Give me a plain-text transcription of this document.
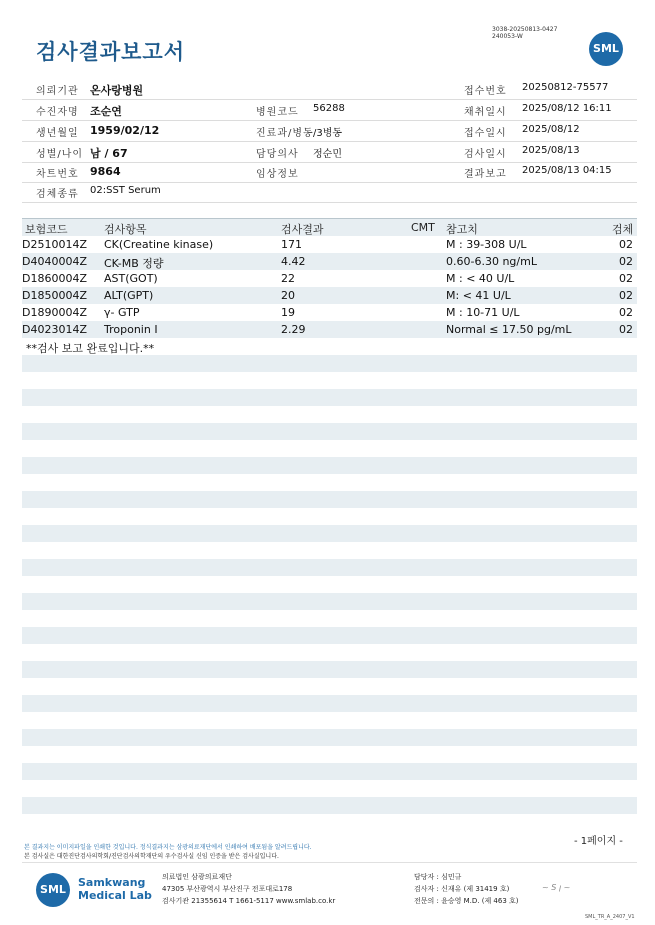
검사결과보고서
3038-20250813-0427
240053-W
SML
의뢰기관 온사랑병원	접수번호 20250812-75577
수진자명 조순연	병원코드 56288	채취일시 2025/08/12 16:11
생년월일 1959/02/12	진료과/병동 /3병동	접수일시 2025/08/12
성별/나이 남 / 67	담당의사 정순민	검사일시 2025/08/13
차트번호 9864	임상정보	결과보고 2025/08/13 04:15
검체종류 02:SST Serum
보험코드	검사항목	검사결과	CMT 참고치	검체
D2510014Z CK(Creatine kinase)	171	M : 39-308 U/L	02
D4040004Z CK-MB 정량	4.42	0.60-6.30 ng/mL	02
D1860004Z AST(GOT)	22	M : < 40 U/L	02
D1850004Z ALT(GPT)	20	M: < 41 U/L	02
D1890004Z γ- GTP	19	M : 10-71 U/L	02
D4023014Z Troponin I	2.29	Normal ≤ 17.50 pg/mL	02
**검사 보고 완료입니다.**
- 1페이지 -
본 결과지는 이미지파일을 인쇄한 것입니다. 정식결과지는 삼광의료재단에서 인쇄하여 배포됨을 알려드립니다.
본 검사실은 대한진단검사의학회/진단검사의학재단의 우수검사실 신임 인증을 받은 검사실입니다.
SML
Samkwang
Medical Lab
의료법인 삼광의료재단
47305 부산광역시 부산진구 전포대로178
검사기관 21355614 T 1661-5117 www.smlab.co.kr
담당자 : 심민규
검사자 : 신재유 (제 31419 호)
전문의 : 윤승영 M.D. (제 463 호)
~ ꓢ ꞁ ~
SML_TR_A_2407_V1
